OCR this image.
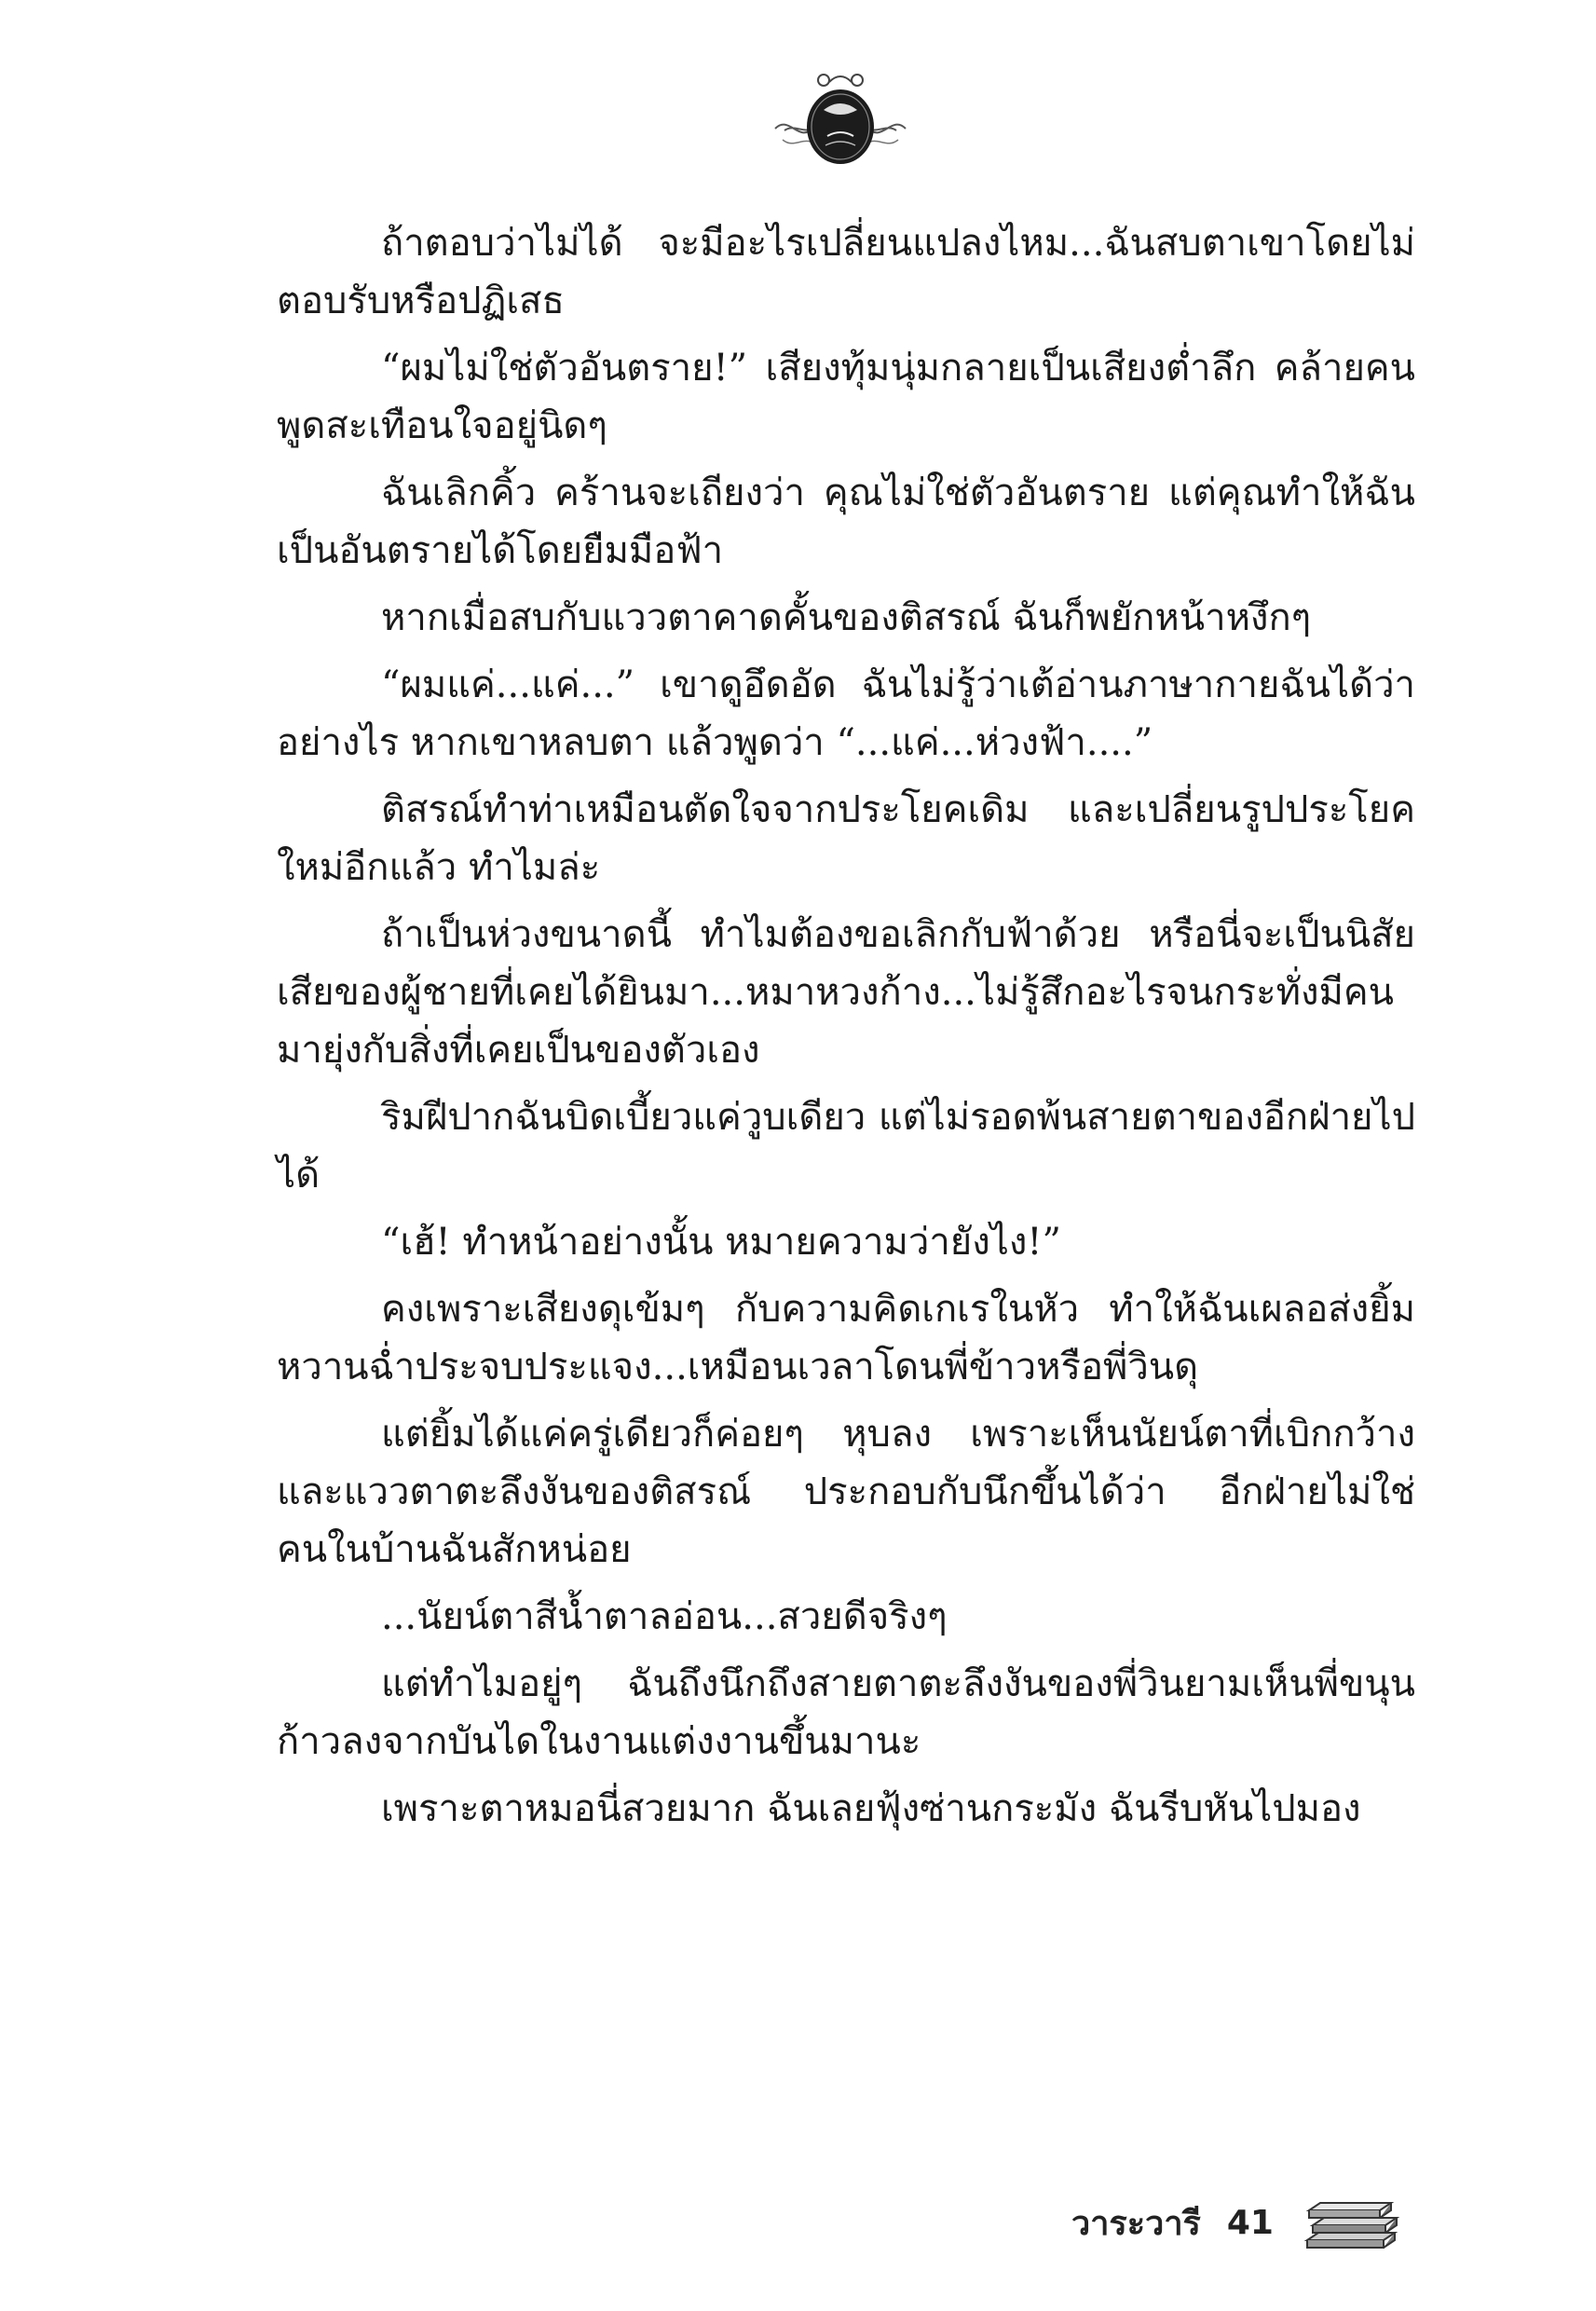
ถ้าตอบว่าไม่ได้ จะมีอะไรเปลี่ยนแปลงไหม...ฉันสบตาเขาโดยไม่ตอบรับหรือปฏิเสธ

“ผมไม่ใช่ตัวอันตราย!” เสียงทุ้มนุ่มกลายเป็นเสียงต่ำลึก คล้ายคนพูดสะเทือนใจอยู่นิดๆ

ฉันเลิกคิ้ว คร้านจะเถียงว่า คุณไม่ใช่ตัวอันตราย แต่คุณทำให้ฉันเป็นอันตรายได้โดยยืมมือฟ้า

หากเมื่อสบกับแววตาคาดคั้นของติสรณ์ ฉันก็พยักหน้าหงึกๆ

“ผมแค่...แค่...” เขาดูอึดอัด ฉันไม่รู้ว่าเต้อ่านภาษากายฉันได้ว่าอย่างไร หากเขาหลบตา แล้วพูดว่า “...แค่...ห่วงฟ้า....”

ติสรณ์ทำท่าเหมือนตัดใจจากประโยคเดิม และเปลี่ยนรูปประโยคใหม่อีกแล้ว ทำไมล่ะ

ถ้าเป็นห่วงขนาดนี้ ทำไมต้องขอเลิกกับฟ้าด้วย หรือนี่จะเป็นนิสัยเสียของผู้ชายที่เคยได้ยินมา...หมาหวงก้าง...ไม่รู้สึกอะไรจนกระทั่งมีคนมายุ่งกับสิ่งที่เคยเป็นของตัวเอง

ริมฝีปากฉันบิดเบี้ยวแค่วูบเดียว แต่ไม่รอดพ้นสายตาของอีกฝ่ายไปได้

“เฮ้! ทำหน้าอย่างนั้น หมายความว่ายังไง!”

คงเพราะเสียงดุเข้มๆ กับความคิดเกเรในหัว ทำให้ฉันเผลอส่งยิ้มหวานฉ่ำประจบประแจง...เหมือนเวลาโดนพี่ข้าวหรือพี่วินดุ

แต่ยิ้มได้แค่ครู่เดียวก็ค่อยๆ หุบลง เพราะเห็นนัยน์ตาที่เบิกกว้างและแววตาตะลึงงันของติสรณ์ ประกอบกับนึกขึ้นได้ว่า อีกฝ่ายไม่ใช่คนในบ้านฉันสักหน่อย

...นัยน์ตาสีน้ำตาลอ่อน...สวยดีจริงๆ

แต่ทำไมอยู่ๆ ฉันถึงนึกถึงสายตาตะลึงงันของพี่วินยามเห็นพี่ขนุนก้าวลงจากบันไดในงานแต่งงานขึ้นมานะ

เพราะตาหมอนี่สวยมาก ฉันเลยฟุ้งซ่านกระมัง ฉันรีบหันไปมอง

วาระวารี 41
